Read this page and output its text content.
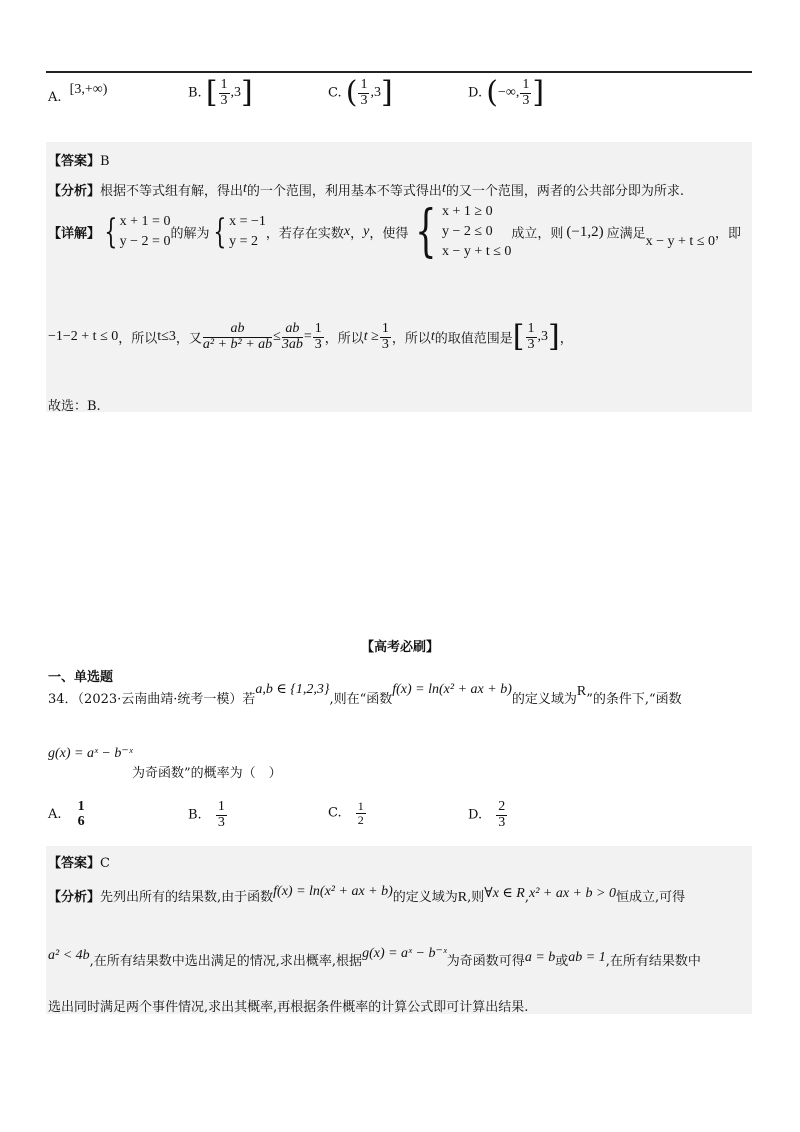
A. [3,+∞)	B. [ $\frac{1}{3} ,3$]	C. ( $\frac{1}{3} ,3$]	D. (−∞, $\frac{1}{3}$ ]
【答案】B
【分析】根据不等式组有解，得出t的一个范围，利用基本不等式得出t的又一个范围，两者的公共部分即为所求.
【详解】 { x + 1 = 0
y − 2 = 0 的解为 { x = −1
y = 2 ，若存在实数x，y，使得 { x + 1 ≥ 0
y − 2 ≤ 0
x − y + t ≤ 0
成立，则 (−1,2) 应满足x − y + t ≤ 0，即
−1−2 + t ≤ 0，所以t≤3，又 $\frac{ab}{\text{a² + b² + ab}} \le \frac{ab}{3ab} = \frac{1}{3}$ ，所以$t \ge \frac{1}{3}$ ，所以t的取值范围是[ $\frac{1}{3} ,3$]，
故选：B.
【高考必刷】
一、单选题
34．（2023·云南曲靖·统考一模）若a,b ∈ {1,2,3},则在“函数f(x) = ln(x² + ax + b)的定义域为R”的条件下,“函数
g(x) = aˣ − b⁻ˣ
为奇函数”的概率为（　）
A.
1
6	B. $\frac{1}{3}$	C. $\frac{1}{2}$	D. $\frac{2}{3}$
【答案】C
【分析】先列出所有的结果数,由于函数f(x) = ln(x² + ax + b)的定义域为R,则∀x ∈ R,x² + ax + b > 0恒成立,可得
a² < 4b,在所有结果数中选出满足的情况,求出概率,根据g(x) = aˣ − b⁻ˣ为奇函数可得a = b或ab = 1,在所有结果数中
选出同时满足两个事件情况,求出其概率,再根据条件概率的计算公式即可计算出结果.
